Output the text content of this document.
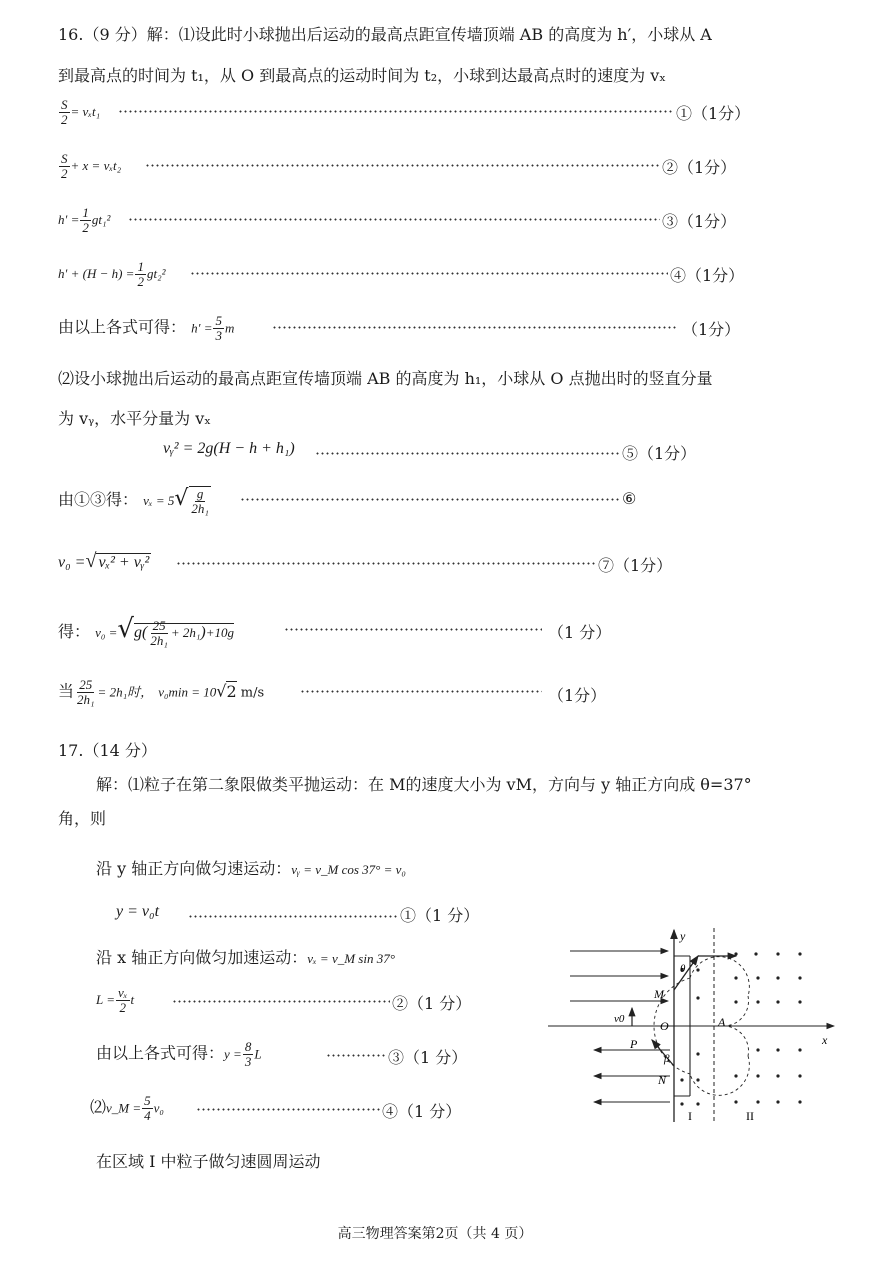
16.（9 分）解：⑴设此时小球抛出后运动的最高点距宣传墙顶端 AB 的高度为 h′，小球从 A
到最高点的时间为 t₁，从 O 到最高点的运动时间为 t₂，小球到达最高点时的速度为 vₓ
$\frac{S}{2} = v_xt_1$	①（1分）
$\frac{S}{2} + x = v_xt_2$	②（1分）
$h' = \frac{1}{2} gt_1^2$	③（1分）
$h' + (H - h) = \frac{1}{2} gt_2^2$	④（1分）
由以上各式可得： $h' = \frac{5}{3}$ m	（1分）
⑵设小球抛出后运动的最高点距宣传墙顶端 AB 的高度为 h₁，小球从 O 点抛出时的竖直分量
为 vᵧ，水平分量为 vₓ
vᵧ² = 2g(H − h + h₁)	⑤（1分）
由①③得： $v_x = 5√ \frac{g}{\text{2h₁}}$	⑥
v₀ =√ vₓ² + vᵧ²	⑦（1分）
得： $v_0 =√g( \frac{25}{\text{2h₁}} + 2h_1)+10g$	（1 分）
当 $\frac{25}{\text{2h₁}} = 2h_1$时， v₀min = 10√2 m/s	（1分）
17.（14 分）
解：⑴粒子在第二象限做类平抛运动：在 M的速度大小为 vM，方向与 y 轴正方向成 θ=37°
角，则
沿 y 轴正方向做匀速运动：vᵧ = v_M cos 37° = v₀
y = v₀t	①（1 分）
沿 x 轴正方向做匀加速运动：vₓ = v_M sin 37°
$L = \frac{\text{vₓ}}{2}$ t	②（1 分）
由以上各式可得：$y = \frac{8}{3}$ L	③（1 分）
⑵v_M = $\frac{5}{4} v_0$	④（1 分）
在区域 I 中粒子做匀速圆周运动
y
x
v0
M
O
P
N
A
θ
β
I	II
高三物理答案第2页（共 4 页）
